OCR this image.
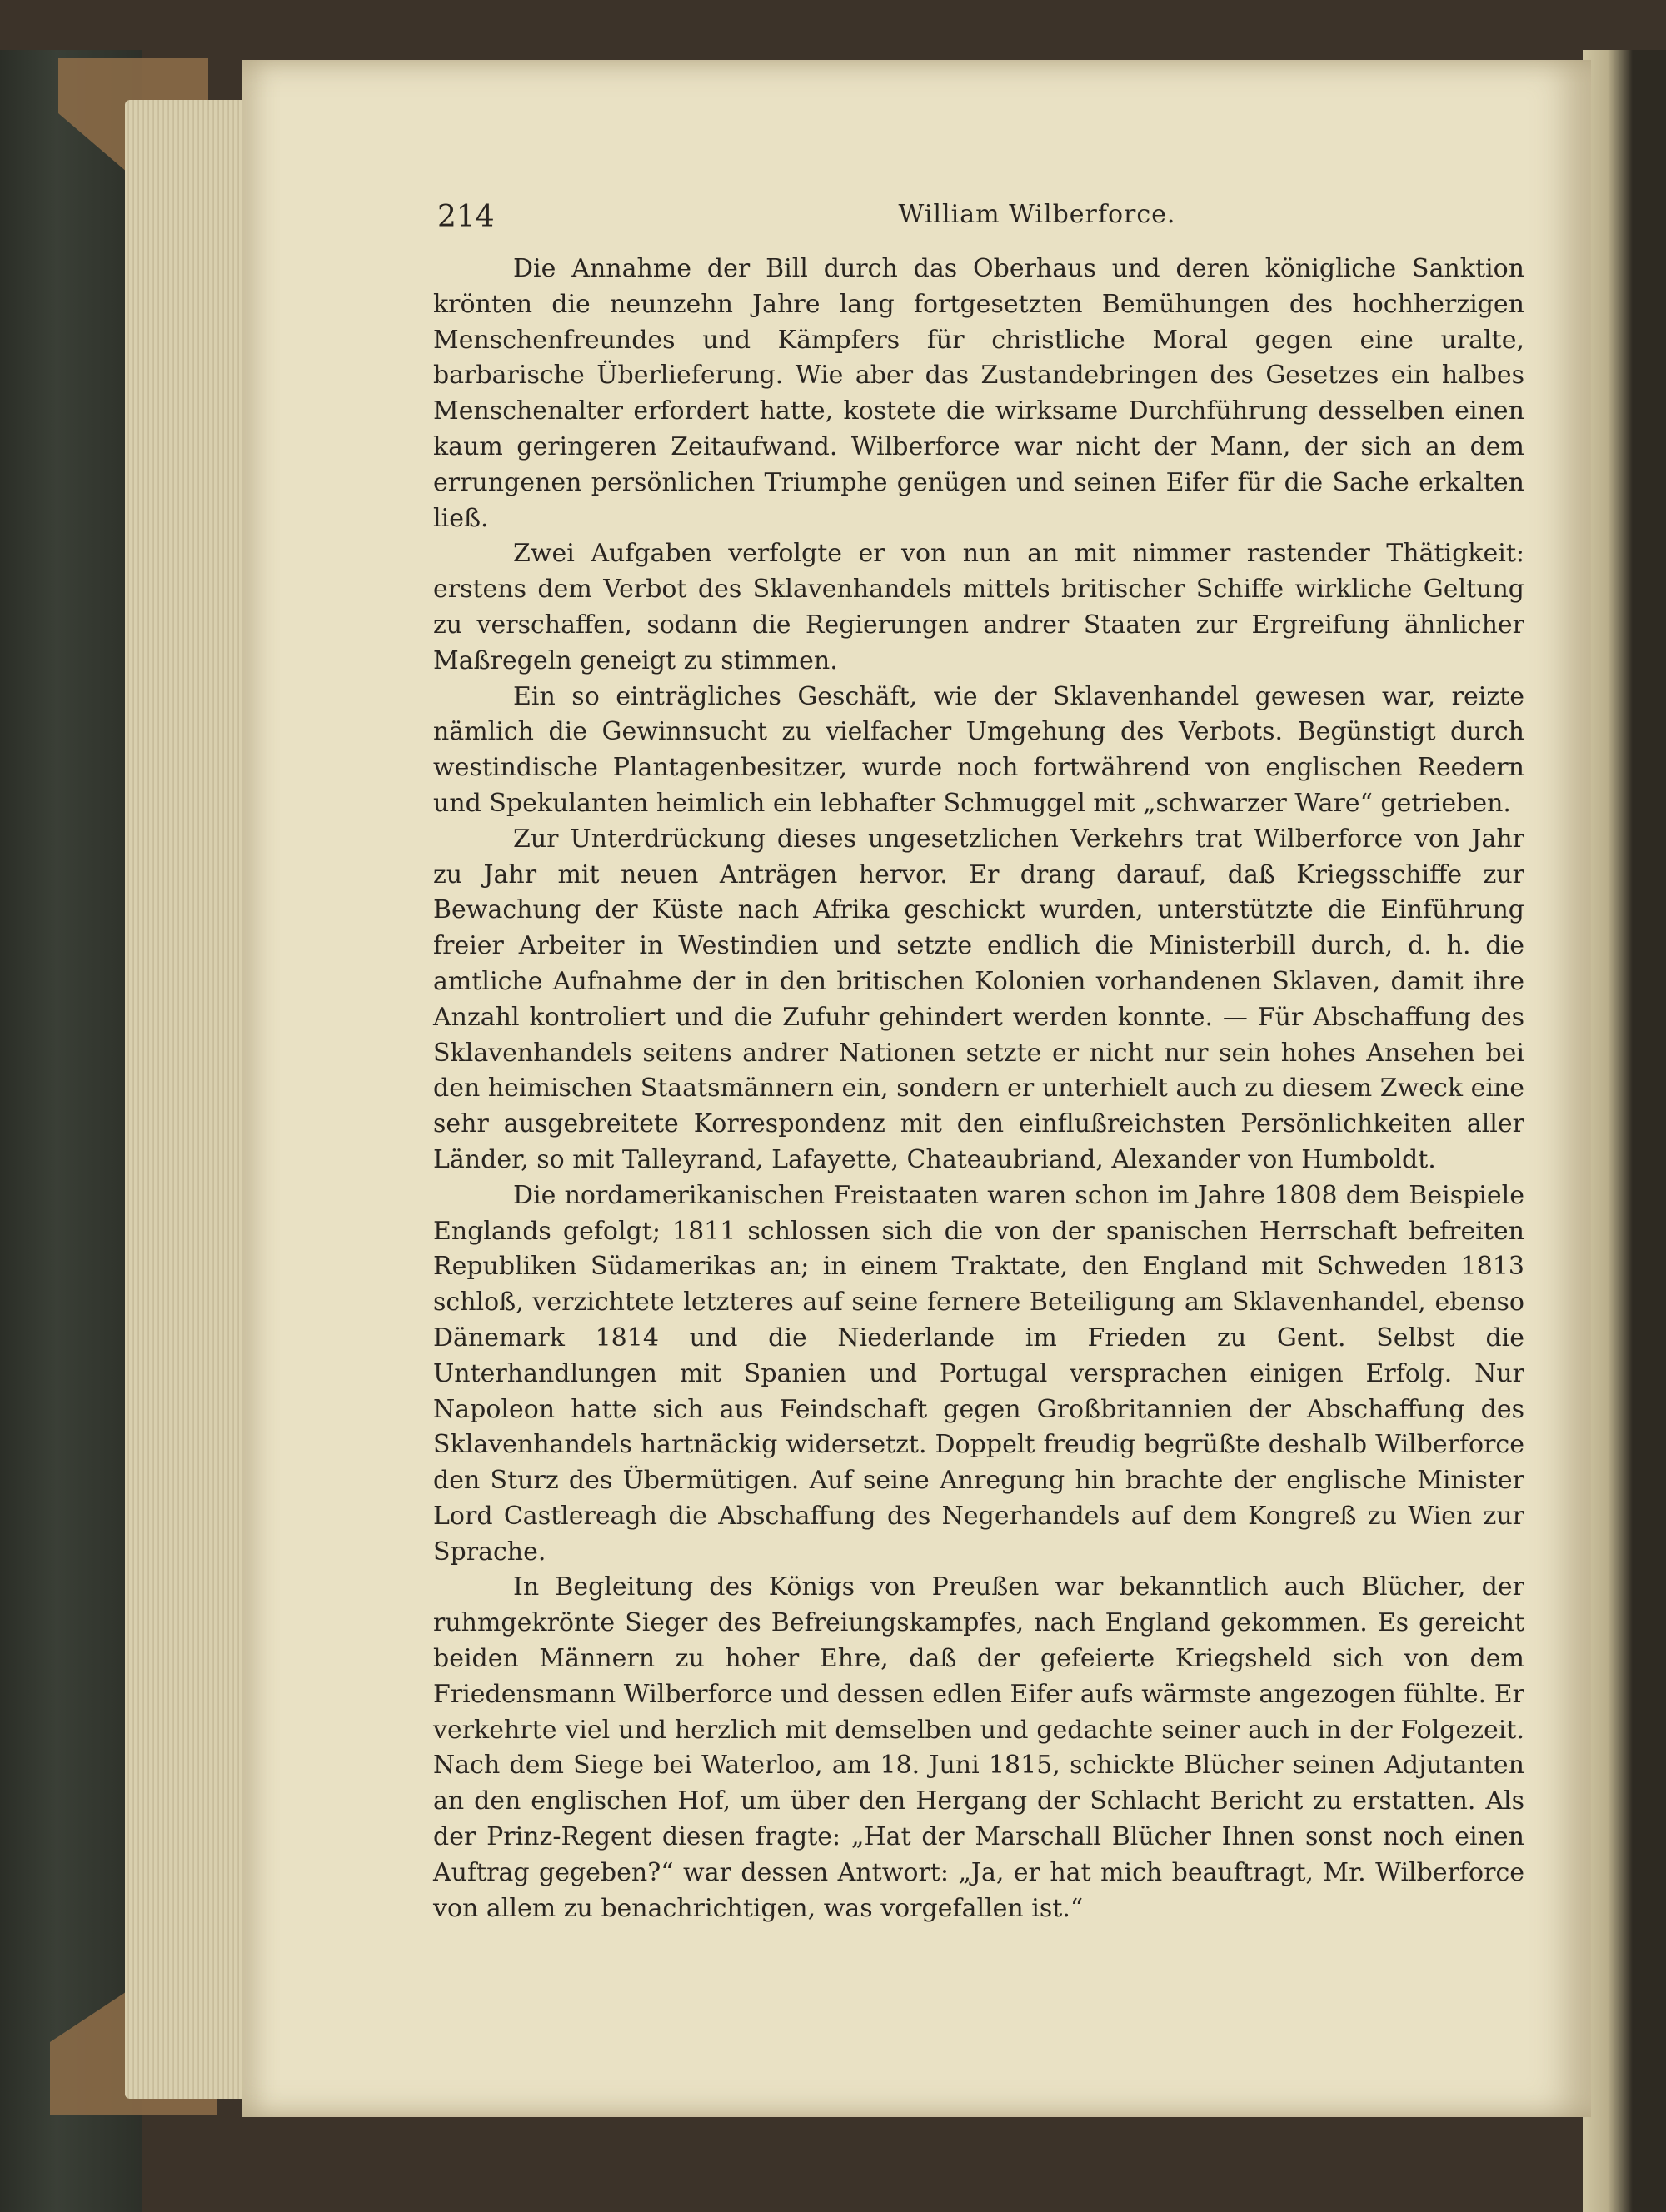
214	William Wilberforce.

Die Annahme der Bill durch das Oberhaus und deren königliche Sanktion krönten die neunzehn Jahre lang fortgesetzten Bemühungen des hochherzigen Menschenfreundes und Kämpfers für christliche Moral gegen eine uralte, barbarische Überlieferung. Wie aber das Zustandebringen des Gesetzes ein halbes Menschenalter erfordert hatte, kostete die wirksame Durchführung desselben einen kaum geringeren Zeitaufwand. Wilberforce war nicht der Mann, der sich an dem errungenen persönlichen Triumphe genügen und seinen Eifer für die Sache erkalten ließ.

Zwei Aufgaben verfolgte er von nun an mit nimmer rastender Thätigkeit: erstens dem Verbot des Sklavenhandels mittels britischer Schiffe wirkliche Geltung zu verschaffen, sodann die Regierungen andrer Staaten zur Ergreifung ähnlicher Maßregeln geneigt zu stimmen.

Ein so einträgliches Geschäft, wie der Sklavenhandel gewesen war, reizte nämlich die Gewinnsucht zu vielfacher Umgehung des Verbots. Begünstigt durch westindische Plantagenbesitzer, wurde noch fortwährend von englischen Reedern und Spekulanten heimlich ein lebhafter Schmuggel mit „schwarzer Ware“ getrieben.

Zur Unterdrückung dieses ungesetzlichen Verkehrs trat Wilberforce von Jahr zu Jahr mit neuen Anträgen hervor. Er drang darauf, daß Kriegsschiffe zur Bewachung der Küste nach Afrika geschickt wurden, unterstützte die Einführung freier Arbeiter in Westindien und setzte endlich die Ministerbill durch, d. h. die amtliche Aufnahme der in den britischen Kolonien vorhandenen Sklaven, damit ihre Anzahl kontroliert und die Zufuhr gehindert werden konnte. — Für Abschaffung des Sklavenhandels seitens andrer Nationen setzte er nicht nur sein hohes Ansehen bei den heimischen Staatsmännern ein, sondern er unterhielt auch zu diesem Zweck eine sehr ausgebreitete Korrespondenz mit den einflußreichsten Persönlichkeiten aller Länder, so mit Talleyrand, Lafayette, Chateaubriand, Alexander von Humboldt.

Die nordamerikanischen Freistaaten waren schon im Jahre 1808 dem Beispiele Englands gefolgt; 1811 schlossen sich die von der spanischen Herrschaft befreiten Republiken Südamerikas an; in einem Traktate, den England mit Schweden 1813 schloß, verzichtete letzteres auf seine fernere Beteiligung am Sklavenhandel, ebenso Dänemark 1814 und die Niederlande im Frieden zu Gent. Selbst die Unterhandlungen mit Spanien und Portugal versprachen einigen Erfolg. Nur Napoleon hatte sich aus Feindschaft gegen Großbritannien der Abschaffung des Sklavenhandels hartnäckig widersetzt. Doppelt freudig begrüßte deshalb Wilberforce den Sturz des Übermütigen. Auf seine Anregung hin brachte der englische Minister Lord Castlereagh die Abschaffung des Negerhandels auf dem Kongreß zu Wien zur Sprache.

In Begleitung des Königs von Preußen war bekanntlich auch Blücher, der ruhmgekrönte Sieger des Befreiungskampfes, nach England gekommen. Es gereicht beiden Männern zu hoher Ehre, daß der gefeierte Kriegsheld sich von dem Friedensmann Wilberforce und dessen edlen Eifer aufs wärmste angezogen fühlte. Er verkehrte viel und herzlich mit demselben und gedachte seiner auch in der Folgezeit. Nach dem Siege bei Waterloo, am 18. Juni 1815, schickte Blücher seinen Adjutanten an den englischen Hof, um über den Hergang der Schlacht Bericht zu erstatten. Als der Prinz-Regent diesen fragte: „Hat der Marschall Blücher Ihnen sonst noch einen Auftrag gegeben?“ war dessen Antwort: „Ja, er hat mich beauftragt, Mr. Wilberforce von allem zu benachrichtigen, was vorgefallen ist.“
